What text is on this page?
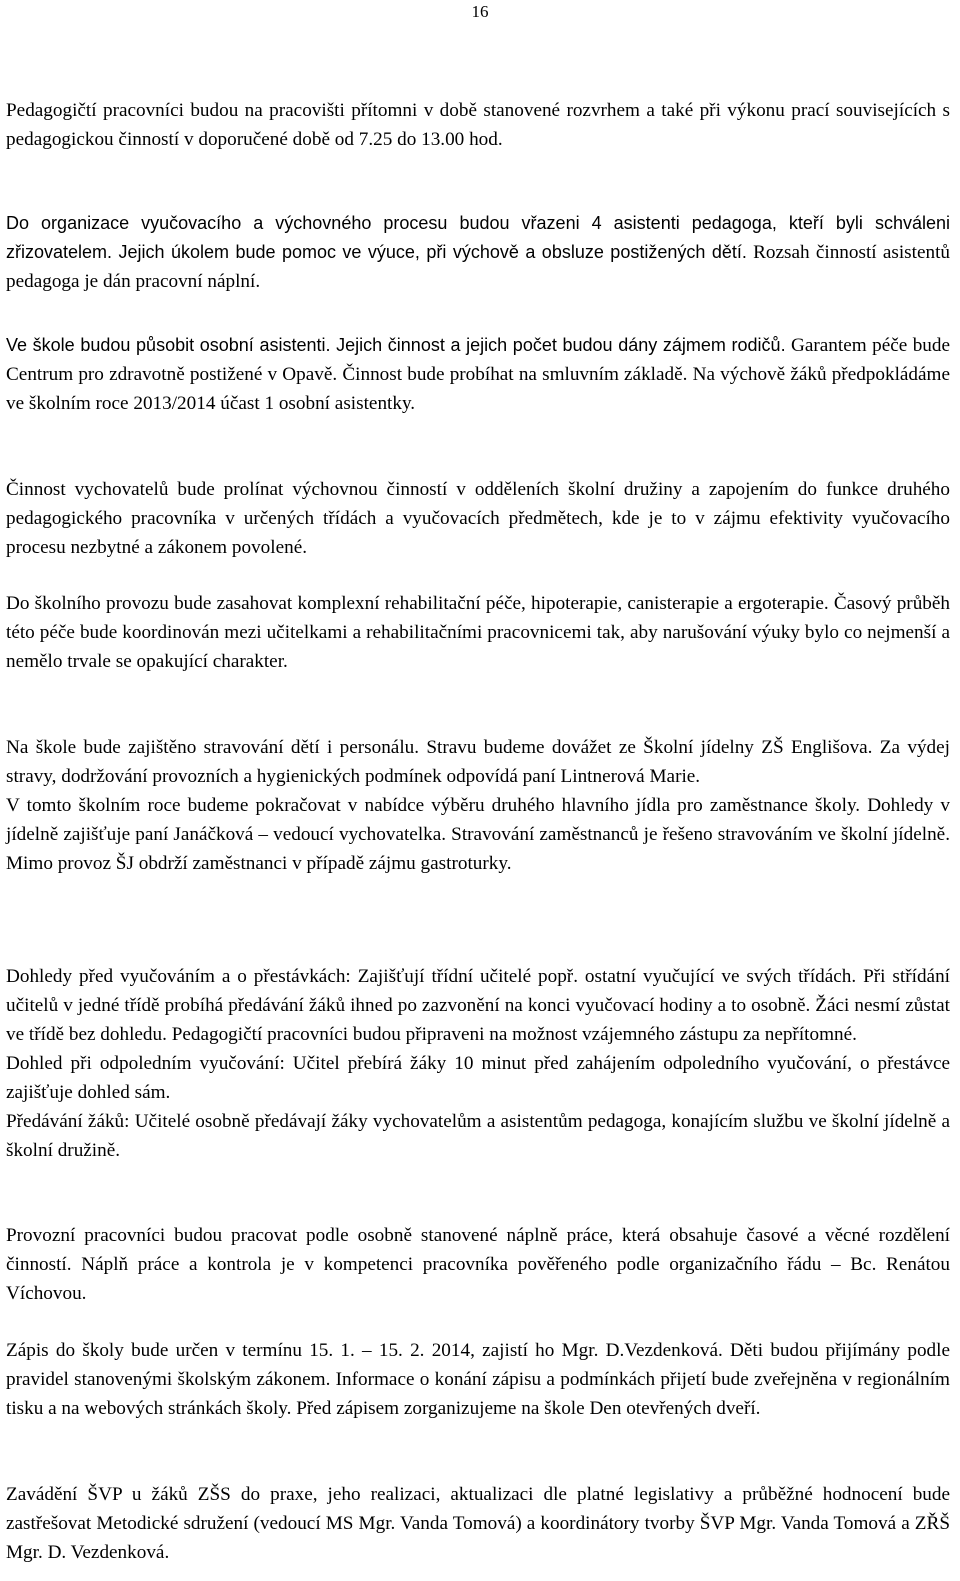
16

Pedagogičtí pracovníci budou na pracovišti přítomni v době stanovené rozvrhem a také při výkonu prací souvisejících s pedagogickou činností v doporučené době od 7.25 do 13.00 hod.

Do organizace vyučovacího a výchovného procesu budou vřazeni 4 asistenti pedagoga, kteří byli schváleni zřizovatelem. Jejich úkolem bude pomoc ve výuce, při výchově a obsluze postižených dětí. Rozsah činností asistentů pedagoga je dán pracovní náplní.

Ve škole budou působit osobní asistenti. Jejich činnost a jejich počet budou dány zájmem rodičů. Garantem péče bude Centrum pro zdravotně postižené v Opavě. Činnost bude probíhat na smluvním základě. Na výchově žáků předpokládáme ve školním roce 2013/2014 účast 1 osobní asistentky.

Činnost vychovatelů bude prolínat výchovnou činností v odděleních školní družiny a zapojením do funkce druhého pedagogického pracovníka v určených třídách a vyučovacích předmětech, kde je to v zájmu efektivity vyučovacího procesu nezbytné a zákonem povolené.

Do školního provozu bude zasahovat komplexní rehabilitační péče, hipoterapie, canisterapie a ergoterapie. Časový průběh této péče bude koordinován mezi učitelkami a rehabilitačními pracovnicemi tak, aby narušování výuky bylo co nejmenší a nemělo trvale se opakující charakter.

Na škole bude zajištěno stravování dětí i personálu. Stravu budeme dovážet ze Školní jídelny ZŠ Englišova. Za výdej stravy, dodržování provozních a hygienických podmínek odpovídá paní Lintnerová Marie.
V tomto školním roce budeme pokračovat v nabídce výběru druhého hlavního jídla pro zaměstnance školy. Dohledy v jídelně zajišťuje paní Janáčková – vedoucí vychovatelka. Stravování zaměstnanců je řešeno stravováním ve školní jídelně. Mimo provoz ŠJ obdrží zaměstnanci v případě zájmu gastroturky.

Dohledy před vyučováním a o přestávkách: Zajišťují třídní učitelé popř. ostatní vyučující ve svých třídách. Při střídání učitelů v jedné třídě probíhá předávání žáků ihned po zazvonění na konci vyučovací hodiny a to osobně. Žáci nesmí zůstat ve třídě bez dohledu. Pedagogičtí pracovníci budou připraveni na možnost vzájemného zástupu za nepřítomné.
Dohled při odpoledním vyučování: Učitel přebírá žáky 10 minut před zahájením odpoledního vyučování, o přestávce zajišťuje dohled sám.
Předávání žáků: Učitelé osobně předávají žáky vychovatelům a asistentům pedagoga, konajícím službu ve školní jídelně a školní družině.

Provozní pracovníci budou pracovat podle osobně stanovené náplně práce, která obsahuje časové a věcné rozdělení činností. Náplň práce a kontrola je v kompetenci pracovníka pověřeného podle organizačního řádu – Bc. Renátou Víchovou.

Zápis do školy bude určen v termínu 15. 1. – 15. 2. 2014, zajistí ho Mgr. D.Vezdenková. Děti budou přijímány podle pravidel stanovenými školským zákonem. Informace o konání zápisu a podmínkách přijetí bude zveřejněna v regionálním tisku a na webových stránkách školy. Před zápisem zorganizujeme na škole Den otevřených dveří.

Zavádění ŠVP u žáků ZŠS do praxe, jeho realizaci, aktualizaci dle platné legislativy a průběžné hodnocení bude zastřešovat Metodické sdružení (vedoucí MS Mgr. Vanda Tomová) a koordinátory tvorby ŠVP Mgr. Vanda Tomová a ZŘŠ Mgr. D. Vezdenková.
